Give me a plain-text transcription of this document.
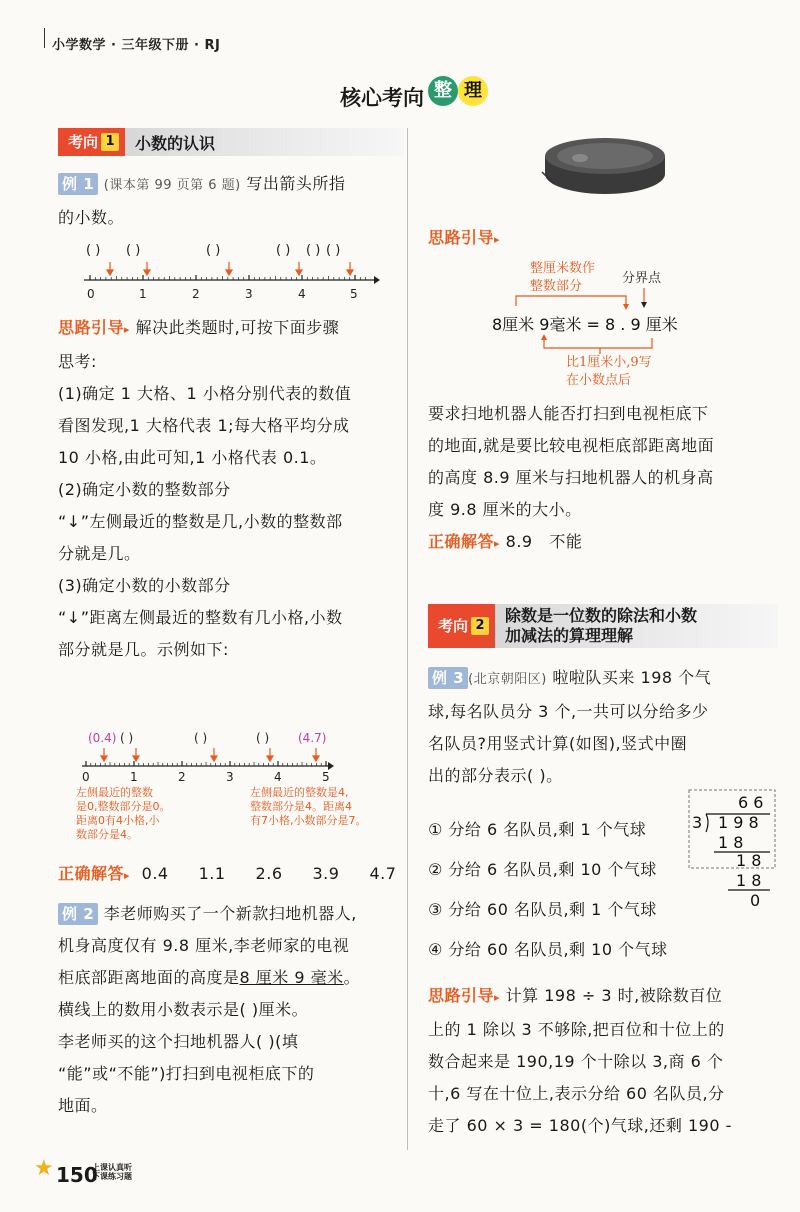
小学数学 · 三年级下册 · RJ
核心考向 整 理
考向 1	小数的认识
例 1 (课本第 99 页第 6 题) 写出箭头所指
的小数。
( ) ( )	( )	( ) ( ) ( )
0	1	2	3	4	5
思路引导▸ 解决此类题时,可按下面步骤
思考:
(1)确定 1 大格、1 小格分别代表的数值
看图发现,1 大格代表 1;每大格平均分成
10 小格,由此可知,1 小格代表 0.1。
(2)确定小数的整数部分
“↓”左侧最近的整数是几,小数的整数部
分就是几。
(3)确定小数的小数部分
“↓”距离左侧最近的整数有几小格,小数
部分就是几。示例如下:
(0.4) ( )	( )	( ) (4.7)
0	1	2	3	4	5
左侧最近的整数
是0,整数部分是0。
距离0有4小格,小
数部分是4。
左侧最近的整数是4,
整数部分是4。距离4
有7小格,小数部分是7。
正确解答▸ 0.4 1.1 2.6 3.9 4.7
例 2 李老师购买了一个新款扫地机器人,
机身高度仅有 9.8 厘米,李老师家的电视
柜底部距离地面的高度是8 厘米 9 毫米。
横线上的数用小数表示是( )厘米。
李老师买的这个扫地机器人( )(填
“能”或“不能”)打扫到电视柜底下的
地面。
思路引导▸
整厘米数作
整数部分
分界点
8厘米 9毫米 = 8 . 9 厘米
比1厘米小,9写
在小数点后
要求扫地机器人能否打扫到电视柜底下
的地面,就是要比较电视柜底部距离地面
的高度 8.9 厘米与扫地机器人的机身高
度 9.8 厘米的大小。
正确解答▸ 8.9   不能
考向 2
除数是一位数的除法和小数
加减法的算理理解
例 3 (北京朝阳区) 啦啦队买来 198 个气
球,每名队员分 3 个,一共可以分给多少
名队员?用竖式计算(如图),竖式中圈
出的部分表示( )。
① 分给 6 名队员,剩 1 个气球
② 分给 6 名队员,剩 10 个气球
③ 分给 60 名队员,剩 1 个气球
④ 分给 60 名队员,剩 10 个气球
6 6
3 1 9 8
1 8
1 8
1 8
0
思路引导▸ 计算 198 ÷ 3 时,被除数百位
上的 1 除以 3 不够除,把百位和十位上的
数合起来是 190,19 个十除以 3,商 6 个
十,6 写在十位上,表示分给 60 名队员,分
走了 60 × 3 = 180(个)气球,还剩 190 -
★ 150
上课认真听
下课练习题
